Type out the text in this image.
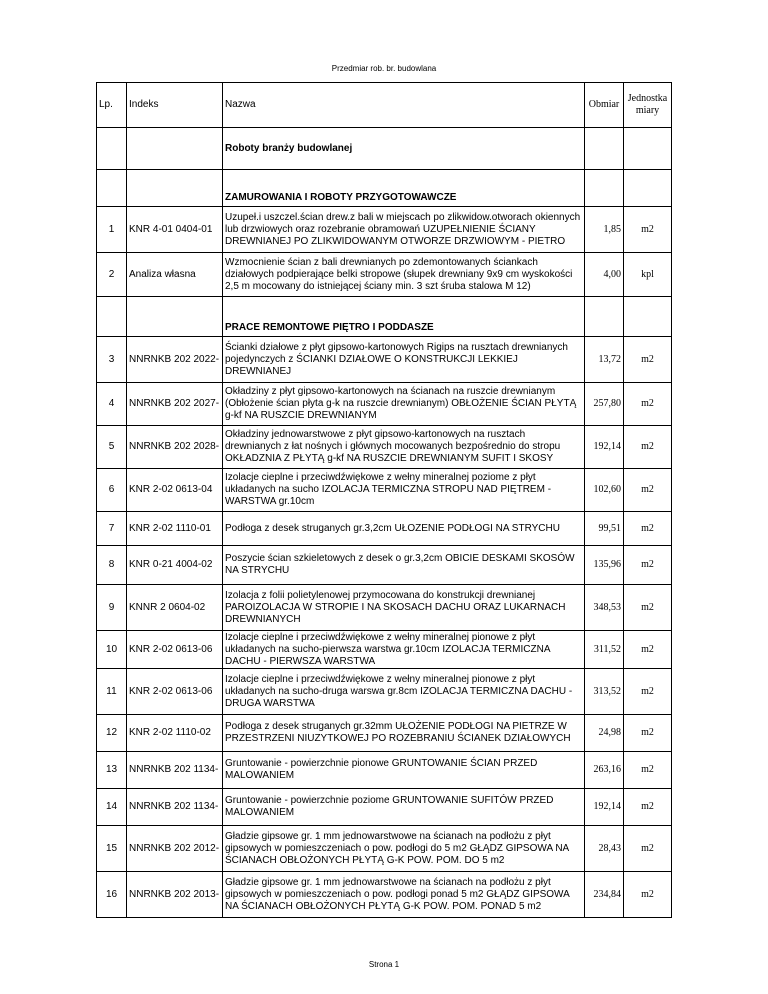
Przedmiar rob. br. budowlana
Lp.	Indeks	Nazwa	Obmiar	Jednostka
miary
		Roboty branży budowlanej		
		ZAMUROWANIA I ROBOTY PRZYGOTOWAWCZE		
1	KNR 4-01 0404-01	Uzupeł.i uszczel.ścian drew.z bali w miejscach po zlikwidow.otworach okiennych lub drzwiowych oraz rozebranie obramowań UZUPEŁNIENIE ŚCIANY DREWNIANEJ PO ZLIKWIDOWANYM OTWORZE DRZWIOWYM - PIETRO	1,85	m2
2	Analiza własna	Wzmocnienie ścian z bali drewnianych po zdemontowanych ściankach działowych podpierające belki stropowe (słupek drewniany 9x9 cm wyskokości 2,5 m mocowany do istniejącej ściany min. 3 szt śruba stalowa M 12)	4,00	kpl
		PRACE REMONTOWE PIĘTRO I PODDASZE		
3	NNRNKB 202 2022-	Ścianki działowe z płyt gipsowo-kartonowych Rigips na rusztach drewnianych pojedynczych z ŚCIANKI DZIAŁOWE O KONSTRUKCJI LEKKIEJ DREWNIANEJ	13,72	m2
4	NNRNKB 202 2027-	Okładziny z płyt gipsowo-kartonowych na ścianach na ruszcie drewnianym (Obłożenie ścian płyta g-k na ruszcie drewnianym) OBŁOŻENIE ŚCIAN PŁYTĄ g-kf NA RUSZCIE DREWNIANYM	257,80	m2
5	NNRNKB 202 2028-	Okładziny jednowarstwowe z płyt gipsowo-kartonowych na rusztach drewnianych z łat nośnych i głównych mocowanych bezpośrednio do stropu OKŁADZNIA Z PŁYTĄ g-kf NA RUSZCIE DREWNIANYM SUFIT I SKOSY	192,14	m2
6	KNR 2-02 0613-04	Izolacje cieplne i przeciwdźwiękowe z wełny mineralnej poziome z płyt układanych na sucho IZOLACJA TERMICZNA STROPU NAD PIĘTREM - WARSTWA gr.10cm	102,60	m2
7	KNR 2-02 1110-01	Podłoga z desek struganych gr.3,2cm UŁOZENIE PODŁOGI NA STRYCHU	99,51	m2
8	KNR 0-21 4004-02	Poszycie ścian szkieletowych z desek o gr.3,2cm OBICIE DESKAMI SKOSÓW NA STRYCHU	135,96	m2
9	KNNR 2 0604-02	Izolacja z folii polietylenowej przymocowana do konstrukcji drewnianej PAROIZOLACJA W STROPIE I NA SKOSACH DACHU ORAZ LUKARNACH DREWNIANYCH	348,53	m2
10	KNR 2-02 0613-06	Izolacje cieplne i przeciwdźwiękowe z wełny mineralnej pionowe z płyt układanych na sucho-pierwsza warstwa gr.10cm IZOLACJA TERMICZNA DACHU - PIERWSZA WARSTWA	311,52	m2
11	KNR 2-02 0613-06	Izolacje cieplne i przeciwdźwiękowe z wełny mineralnej pionowe z płyt układanych na sucho-druga warswa gr.8cm IZOLACJA TERMICZNA DACHU - DRUGA WARSTWA	313,52	m2
12	KNR 2-02 1110-02	Podłoga z desek struganych gr.32mm UŁOŻENIE PODŁOGI NA PIETRZE W PRZESTRZENI NIUZYTKOWEJ PO ROZEBRANIU ŚCIANEK DZIAŁOWYCH	24,98	m2
13	NNRNKB 202 1134-	Gruntowanie - powierzchnie pionowe GRUNTOWANIE ŚCIAN PRZED MALOWANIEM	263,16	m2
14	NNRNKB 202 1134-	Gruntowanie - powierzchnie poziome GRUNTOWANIE SUFITÓW PRZED MALOWANIEM	192,14	m2
15	NNRNKB 202 2012-	Gładzie gipsowe gr. 1 mm jednowarstwowe na ścianach na podłożu z płyt gipsowych w pomieszczeniach o pow. podłogi do 5 m2 GŁĄDZ GIPSOWA NA ŚCIANACH OBŁOŻONYCH PŁYTĄ G-K POW. POM. DO 5 m2	28,43	m2
16	NNRNKB 202 2013-	Gładzie gipsowe gr. 1 mm jednowarstwowe na ścianach na podłożu z płyt gipsowych w pomieszczeniach o pow. podłogi ponad 5 m2 GŁĄDZ GIPSOWA NA ŚCIANACH OBŁOŻONYCH PŁYTĄ G-K POW. POM. PONAD 5 m2	234,84	m2
Strona 1
